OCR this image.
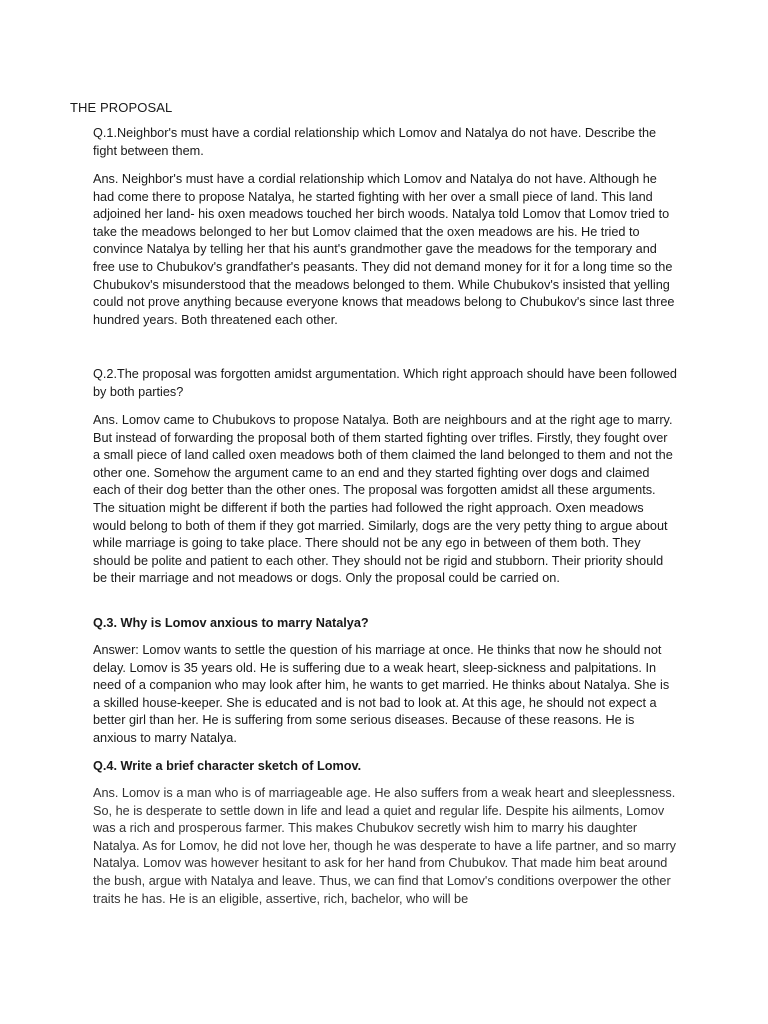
THE PROPOSAL

Q.1.Neighbor's must have a cordial relationship which Lomov and Natalya do not have. Describe the fight between them.

Ans. Neighbor's must have a cordial relationship which Lomov and Natalya do not have. Although he had come there to propose Natalya, he started fighting with her over a small piece of land. This land adjoined her land- his oxen meadows touched her birch woods. Natalya told Lomov that Lomov tried to take the meadows belonged to her but Lomov claimed that the oxen meadows are his. He tried to convince Natalya by telling her that his aunt's grandmother gave the meadows for the temporary and free use to Chubukov's grandfather's peasants. They did not demand money for it for a long time so the Chubukov's misunderstood that the meadows belonged to them. While Chubukov's insisted that yelling could not prove anything because everyone knows that meadows belong to Chubukov's since last three hundred years. Both threatened each other.

Q.2.The proposal was forgotten amidst argumentation. Which right approach should have been followed by both parties?

Ans. Lomov came to Chubukovs to propose Natalya. Both are neighbours and at the right age to marry. But instead of forwarding the proposal both of them started fighting over trifles. Firstly, they fought over a small piece of land called oxen meadows both of them claimed the land belonged to them and not the other one. Somehow the argument came to an end and they started fighting over dogs and claimed each of their dog better than the other ones. The proposal was forgotten amidst all these arguments. The situation might be different if both the parties had followed the right approach. Oxen meadows would belong to both of them if they got married. Similarly, dogs are the very petty thing to argue about while marriage is going to take place. There should not be any ego in between of them both. They should be polite and patient to each other. They should not be rigid and stubborn. Their priority should be their marriage and not meadows or dogs. Only the proposal could be carried on.

Q.3. Why is Lomov anxious to marry Natalya?

Answer: Lomov wants to settle the question of his marriage at once. He thinks that now he should not delay. Lomov is 35 years old. He is suffering due to a weak heart, sleep-sickness and palpitations. In need of a companion who may look after him, he wants to get married. He thinks about Natalya. She is a skilled house-keeper. She is educated and is not bad to look at. At this age, he should not expect a better girl than her. He is suffering from some serious diseases. Because of these reasons. He is anxious to marry Natalya.

Q.4. Write a brief character sketch of Lomov.

Ans. Lomov is a man who is of marriageable age. He also suffers from a weak heart and sleeplessness. So, he is desperate to settle down in life and lead a quiet and regular life. Despite his ailments, Lomov was a rich and prosperous farmer. This makes Chubukov secretly wish him to marry his daughter Natalya. As for Lomov, he did not love her, though he was desperate to have a life partner, and so marry Natalya. Lomov was however hesitant to ask for her hand from Chubukov. That made him beat around the bush, argue with Natalya and leave. Thus, we can find that Lomov's conditions overpower the other traits he has. He is an eligible, assertive, rich, bachelor, who will be
